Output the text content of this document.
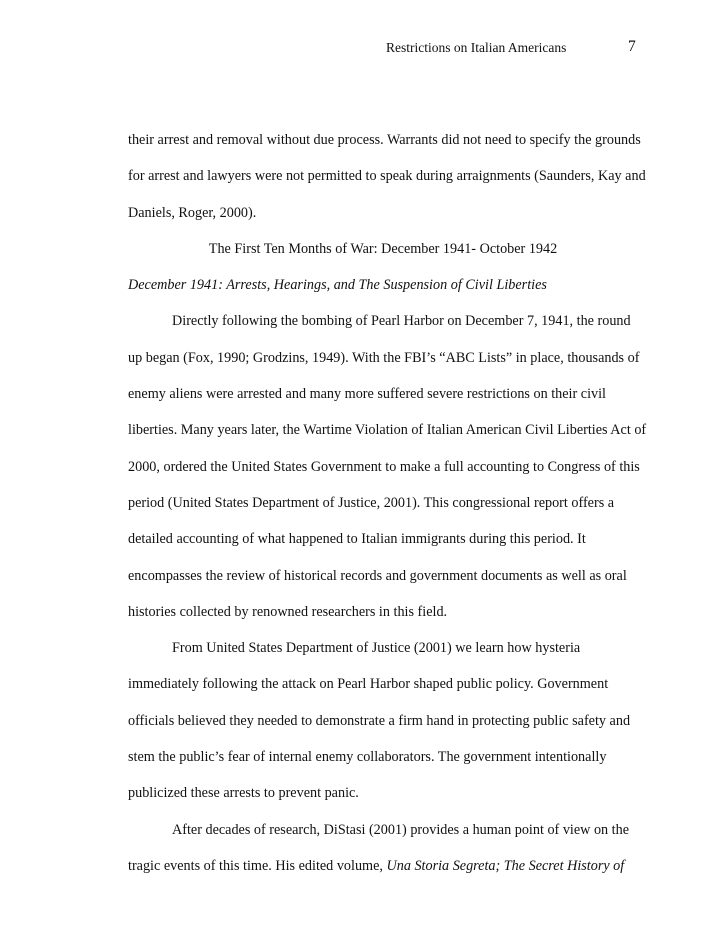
Restrictions on Italian Americans	7

their arrest and removal without due process. Warrants did not need to specify the grounds for arrest and lawyers were not permitted to speak during arraignments (Saunders, Kay and Daniels, Roger, 2000).

The First Ten Months of War: December 1941- October 1942

December 1941: Arrests, Hearings, and The Suspension of Civil Liberties

Directly following the bombing of Pearl Harbor on December 7, 1941, the round up began (Fox, 1990; Grodzins, 1949). With the FBI’s “ABC Lists” in place, thousands of enemy aliens were arrested and many more suffered severe restrictions on their civil liberties. Many years later, the Wartime Violation of Italian American Civil Liberties Act of 2000, ordered the United States Government to make a full accounting to Congress of this period (United States Department of Justice, 2001). This congressional report offers a detailed accounting of what happened to Italian immigrants during this period. It encompasses the review of historical records and government documents as well as oral histories collected by renowned researchers in this field.

From United States Department of Justice (2001) we learn how hysteria immediately following the attack on Pearl Harbor shaped public policy. Government officials believed they needed to demonstrate a firm hand in protecting public safety and stem the public’s fear of internal enemy collaborators. The government intentionally publicized these arrests to prevent panic.

After decades of research, DiStasi (2001) provides a human point of view on the tragic events of this time. His edited volume, Una Storia Segreta; The Secret History of
